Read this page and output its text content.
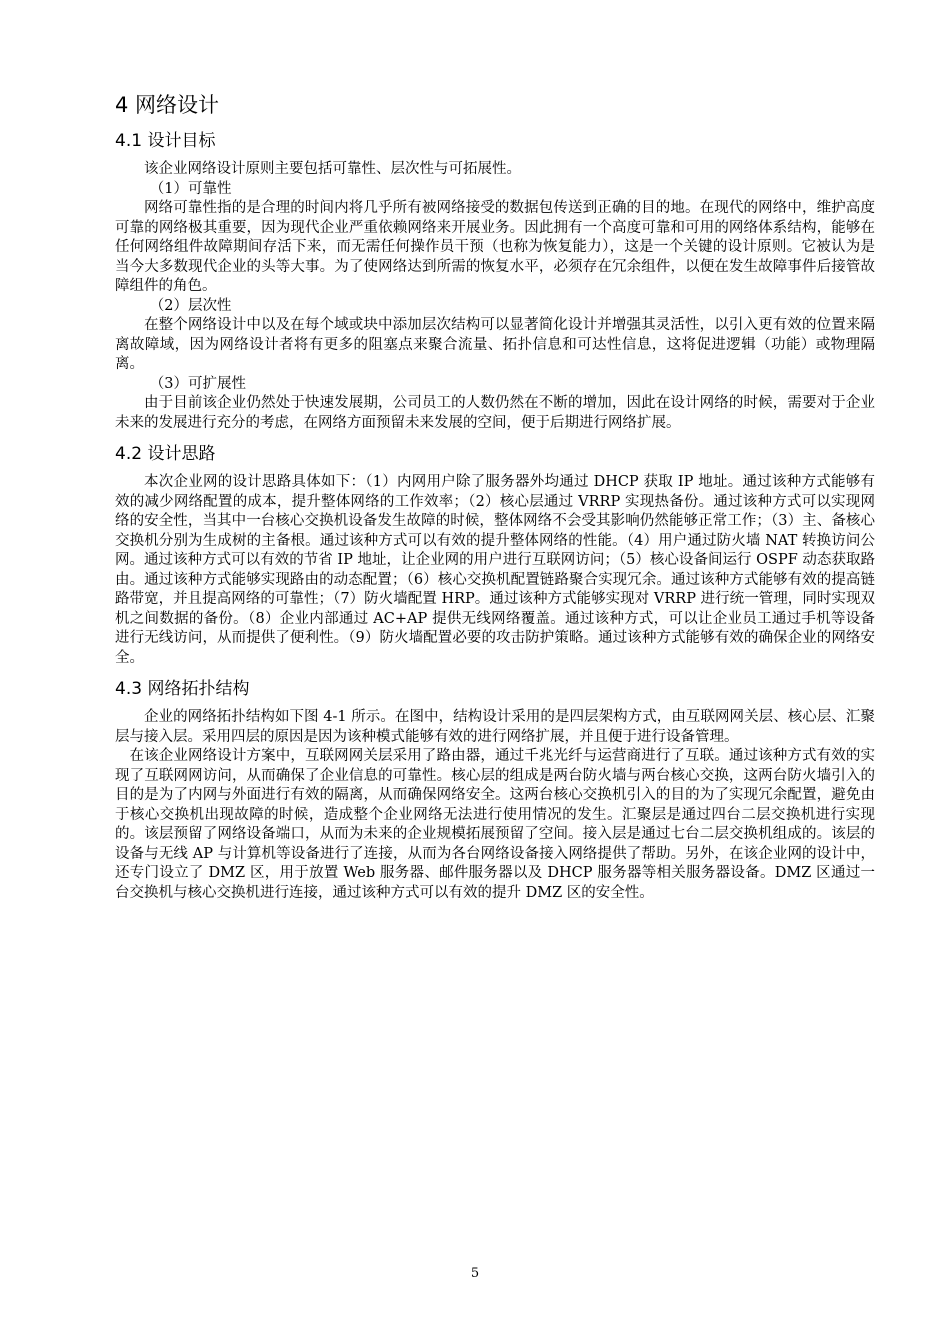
4 网络设计
4.1 设计目标

该企业网络设计原则主要包括可靠性、层次性与可拓展性。

（1）可靠性

网络可靠性指的是合理的时间内将几乎所有被网络接受的数据包传送到正确的目的地。在现代的网络中，维护高度可靠的网络极其重要，因为现代企业严重依赖网络来开展业务。因此拥有一个高度可靠和可用的网络体系结构，能够在任何网络组件故障期间存活下来，而无需任何操作员干预（也称为恢复能力），这是一个关键的设计原则。它被认为是当今大多数现代企业的头等大事。为了使网络达到所需的恢复水平，必须存在冗余组件，以便在发生故障事件后接管故障组件的角色。

（2）层次性

在整个网络设计中以及在每个域或块中添加层次结构可以显著简化设计并增强其灵活性，以引入更有效的位置来隔离故障域，因为网络设计者将有更多的阻塞点来聚合流量、拓扑信息和可达性信息，这将促进逻辑（功能）或物理隔离。

（3）可扩展性

由于目前该企业仍然处于快速发展期，公司员工的人数仍然在不断的增加，因此在设计网络的时候，需要对于企业未来的发展进行充分的考虑，在网络方面预留未来发展的空间，便于后期进行网络扩展。

4.2 设计思路

本次企业网的设计思路具体如下：（1）内网用户除了服务器外均通过 DHCP 获取 IP 地址。通过该种方式能够有效的减少网络配置的成本，提升整体网络的工作效率；（2）核心层通过 VRRP 实现热备份。通过该种方式可以实现网络的安全性，当其中一台核心交换机设备发生故障的时候，整体网络不会受其影响仍然能够正常工作；（3）主、备核心交换机分别为生成树的主备根。通过该种方式可以有效的提升整体网络的性能。（4）用户通过防火墙 NAT 转换访问公网。通过该种方式可以有效的节省 IP 地址，让企业网的用户进行互联网访问；（5）核心设备间运行 OSPF 动态获取路由。通过该种方式能够实现路由的动态配置；（6）核心交换机配置链路聚合实现冗余。通过该种方式能够有效的提高链路带宽，并且提高网络的可靠性；（7）防火墙配置 HRP。通过该种方式能够实现对 VRRP 进行统一管理，同时实现双机之间数据的备份。（8）企业内部通过 AC+AP 提供无线网络覆盖。通过该种方式，可以让企业员工通过手机等设备进行无线访问，从而提供了便利性。（9）防火墙配置必要的攻击防护策略。通过该种方式能够有效的确保企业的网络安全。

4.3 网络拓扑结构

企业的网络拓扑结构如下图 4-1 所示。在图中，结构设计采用的是四层架构方式，由互联网网关层、核心层、汇聚层与接入层。采用四层的原因是因为该种模式能够有效的进行网络扩展，并且便于进行设备管理。

在该企业网络设计方案中，互联网网关层采用了路由器，通过千兆光纤与运营商进行了互联。通过该种方式有效的实现了互联网网访问，从而确保了企业信息的可靠性。核心层的组成是两台防火墙与两台核心交换，这两台防火墙引入的目的是为了内网与外面进行有效的隔离，从而确保网络安全。这两台核心交换机引入的目的为了实现冗余配置，避免由于核心交换机出现故障的时候，造成整个企业网络无法进行使用情况的发生。汇聚层是通过四台二层交换机进行实现的。该层预留了网络设备端口，从而为未来的企业规模拓展预留了空间。接入层是通过七台二层交换机组成的。该层的设备与无线 AP 与计算机等设备进行了连接，从而为各台网络设备接入网络提供了帮助。另外，在该企业网的设计中，还专门设立了 DMZ 区，用于放置 Web 服务器、邮件服务器以及 DHCP 服务器等相关服务器设备。DMZ 区通过一台交换机与核心交换机进行连接，通过该种方式可以有效的提升 DMZ 区的安全性。

5
